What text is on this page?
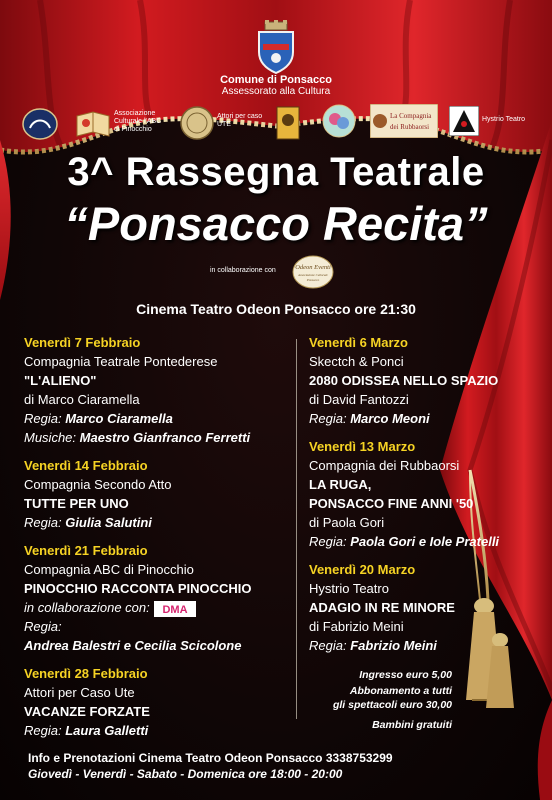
Comune di Ponsacco
Assessorato alla Cultura
Associazione
Culturale l'ABC
di Pinocchio
Attori per caso
UTE
La Compagnia
dei Rubbaorsi
Hystrio Teatro
3^ Rassegna Teatrale
“Ponsacco Recita”
in collaborazione con	Odeon Eventi
Associazione Culturale
Ponsacco
Cinema Teatro Odeon Ponsacco ore 21:30
Venerdì 7 Febbraio
Compagnia Teatrale Pontederese
"L'ALIENO"
di Marco Ciaramella
Regia: Marco Ciaramella
Musiche: Maestro Gianfranco Ferretti
Venerdì 14 Febbraio
Compagnia Secondo Atto
TUTTE PER UNO
Regia: Giulia Salutini
Venerdì 21 Febbraio
Compagnia ABC di Pinocchio
PINOCCHIO RACCONTA PINOCCHIO
in collaborazione con: DMA
Regia:
Andrea Balestri e Cecilia Scicolone
Venerdì 28 Febbraio
Attori per Caso Ute
VACANZE FORZATE
Regia: Laura Galletti
Venerdì 6 Marzo
Skectch & Ponci
2080 ODISSEA NELLO SPAZIO
di David Fantozzi
Regia: Marco Meoni
Venerdì 13 Marzo
Compagnia dei Rubbaorsi
LA RUGA,
PONSACCO FINE ANNI '50
di Paola Gori
Regia: Paola Gori e Iole Pratelli
Venerdì 20 Marzo
Hystrio Teatro
ADAGIO IN RE MINORE
di Fabrizio Meini
Regia: Fabrizio Meini
Ingresso euro 5,00
Abbonamento a tutti
gli spettacoli euro 30,00
Bambini gratuiti
Info e Prenotazioni Cinema Teatro Odeon Ponsacco 3338753299
Giovedì - Venerdì - Sabato - Domenica ore 18:00 - 20:00
